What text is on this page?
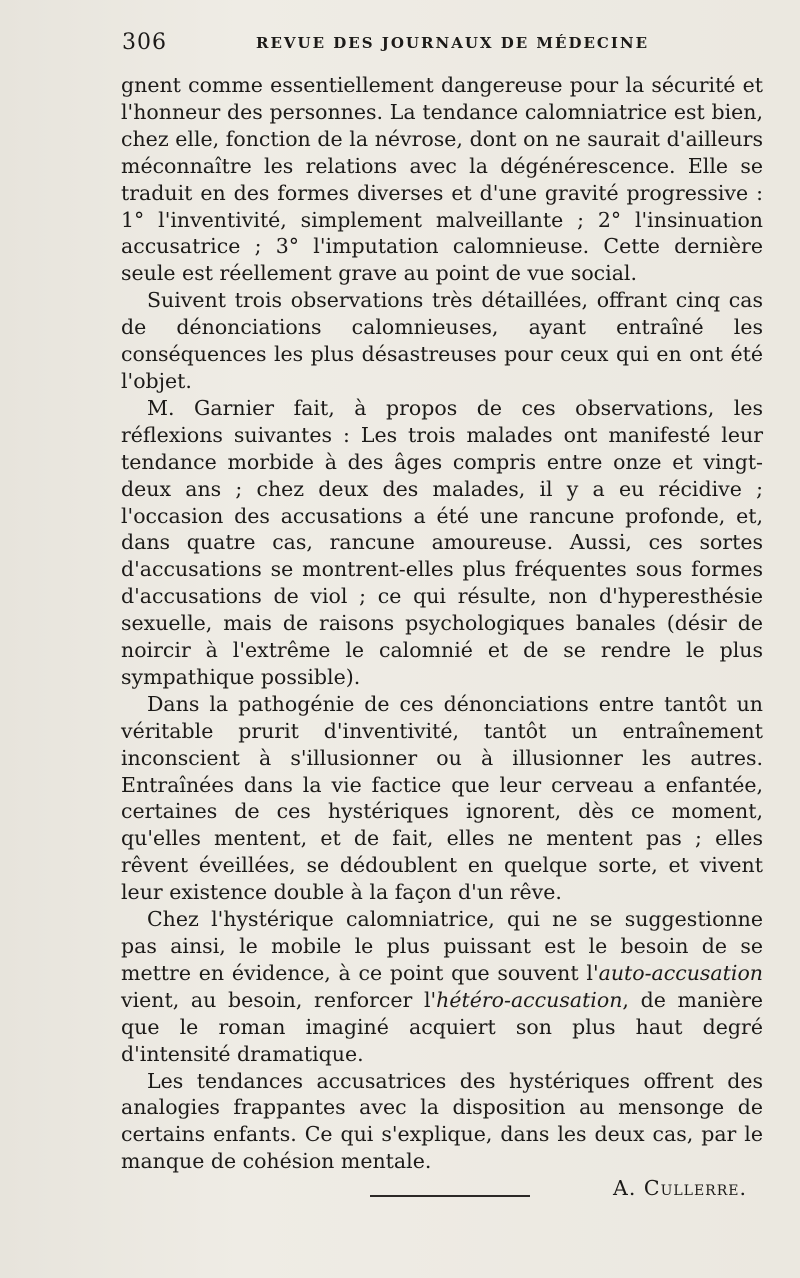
306	REVUE DES JOURNAUX DE MÉDECINE

gnent comme essentiellement dangereuse pour la sécurité et l'honneur des personnes. La tendance calomniatrice est bien, chez elle, fonction de la névrose, dont on ne saurait d'ailleurs méconnaître les relations avec la dégénérescence. Elle se traduit en des formes diverses et d'une gravité progressive : 1° l'inventivité, simplement malveillante ; 2° l'insinuation accusatrice ; 3° l'imputation calomnieuse. Cette dernière seule est réellement grave au point de vue social.

Suivent trois observations très détaillées, offrant cinq cas de dénonciations calomnieuses, ayant entraîné les conséquences les plus désastreuses pour ceux qui en ont été l'objet.

M. Garnier fait, à propos de ces observations, les réflexions suivantes : Les trois malades ont manifesté leur tendance morbide à des âges compris entre onze et vingt-deux ans ; chez deux des malades, il y a eu récidive ; l'occasion des accusations a été une rancune profonde, et, dans quatre cas, rancune amoureuse. Aussi, ces sortes d'accusations se montrent-elles plus fréquentes sous formes d'accusations de viol ; ce qui résulte, non d'hyperesthésie sexuelle, mais de raisons psychologiques banales (désir de noircir à l'extrême le calomnié et de se rendre le plus sympathique possible).

Dans la pathogénie de ces dénonciations entre tantôt un véritable prurit d'inventivité, tantôt un entraînement inconscient à s'illusionner ou à illusionner les autres. Entraînées dans la vie factice que leur cerveau a enfantée, certaines de ces hystériques ignorent, dès ce moment, qu'elles mentent, et de fait, elles ne mentent pas ; elles rêvent éveillées, se dédoublent en quelque sorte, et vivent leur existence double à la façon d'un rêve.

Chez l'hystérique calomniatrice, qui ne se suggestionne pas ainsi, le mobile le plus puissant est le besoin de se mettre en évidence, à ce point que souvent l'auto-accusation vient, au besoin, renforcer l'hétéro-accusation, de manière que le roman imaginé acquiert son plus haut degré d'intensité dramatique.

Les tendances accusatrices des hystériques offrent des analogies frappantes avec la disposition au mensonge de certains enfants. Ce qui s'explique, dans les deux cas, par le manque de cohésion mentale.

A. Cullerre.
